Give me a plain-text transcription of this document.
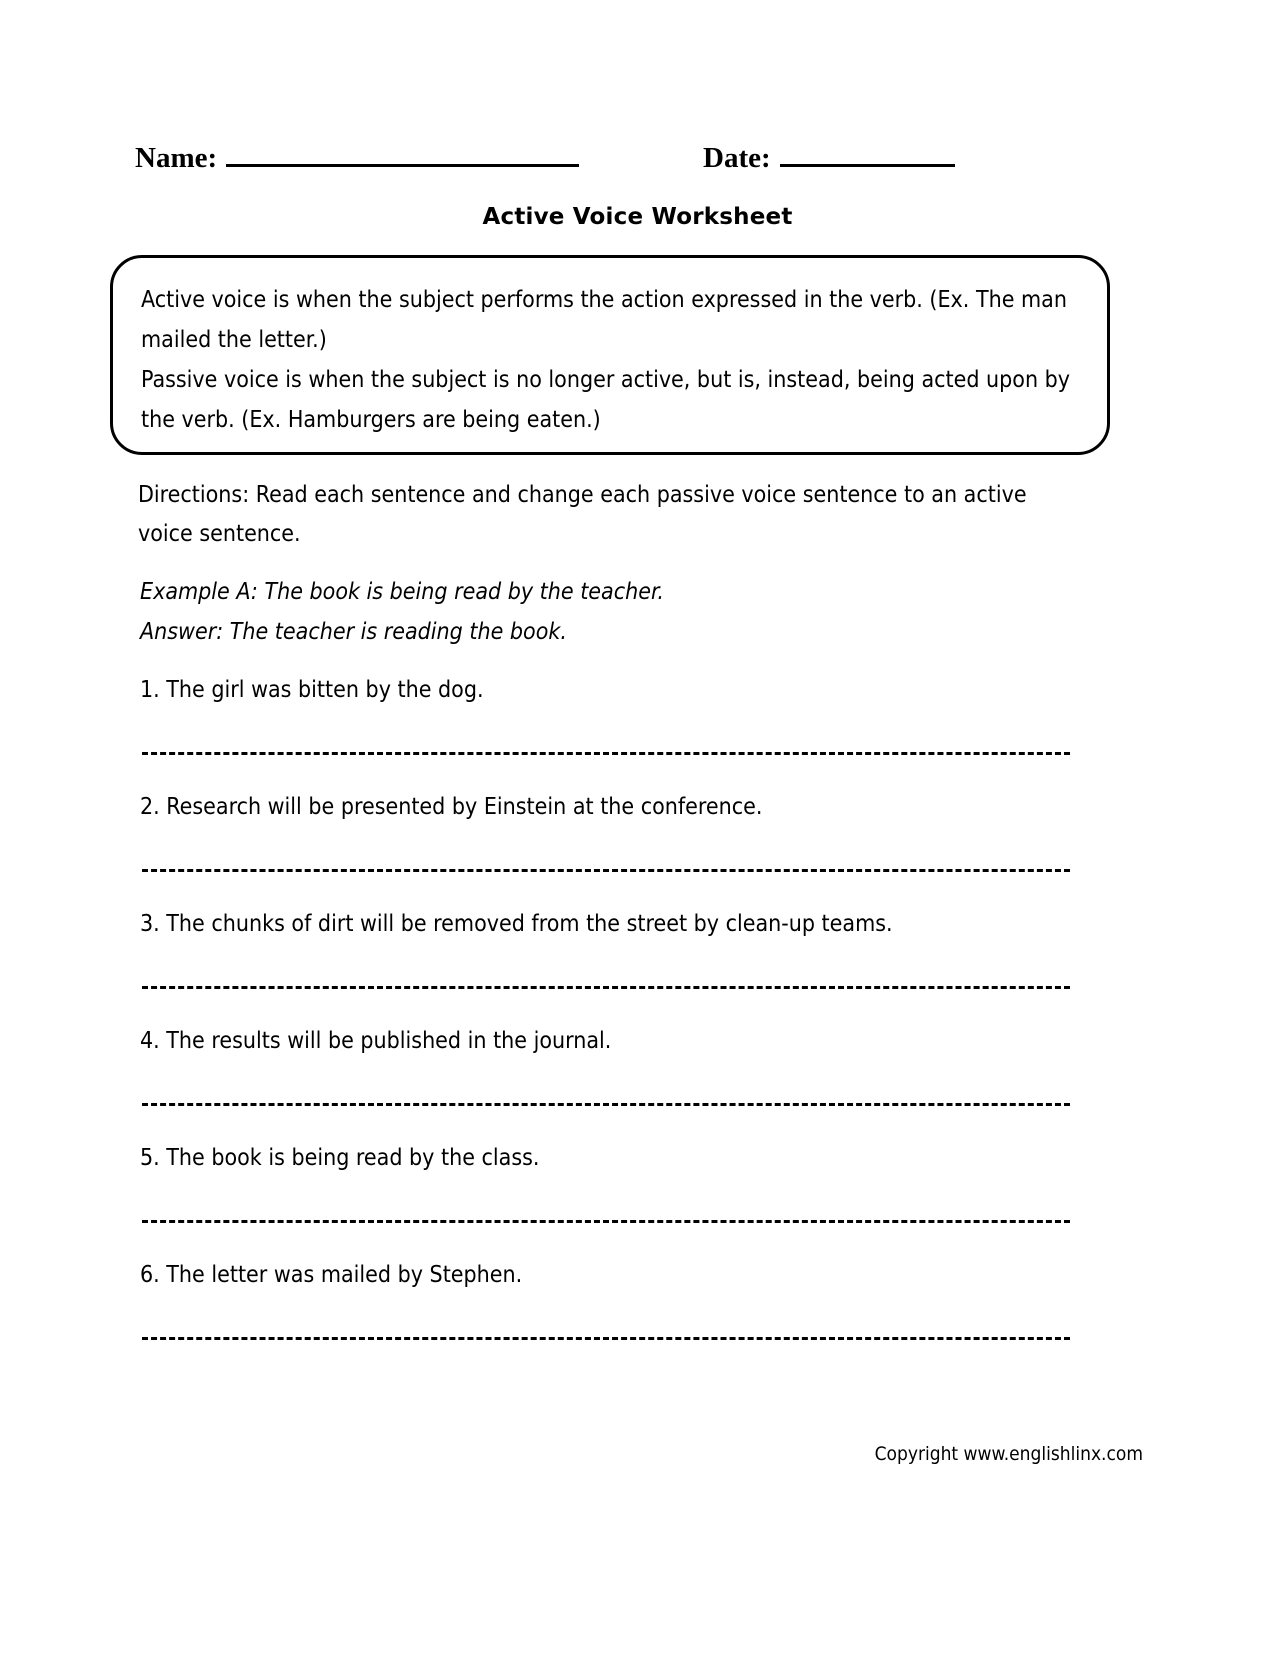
Name:	Date:
Active Voice Worksheet
Active voice is when the subject performs the action expressed in the verb. (Ex. The man mailed the letter.)
Passive voice is when the subject is no longer active, but is, instead, being acted upon by the verb. (Ex. Hamburgers are being eaten.)
Directions: Read each sentence and change each passive voice sentence to an active voice sentence.
Example A: The book is being read by the teacher.
Answer: The teacher is reading the book.
1. The girl was bitten by the dog.
2. Research will be presented by Einstein at the conference.
3. The chunks of dirt will be removed from the street by clean-up teams.
4. The results will be published in the journal.
5. The book is being read by the class.
6. The letter was mailed by Stephen.
Copyright www.englishlinx.com
